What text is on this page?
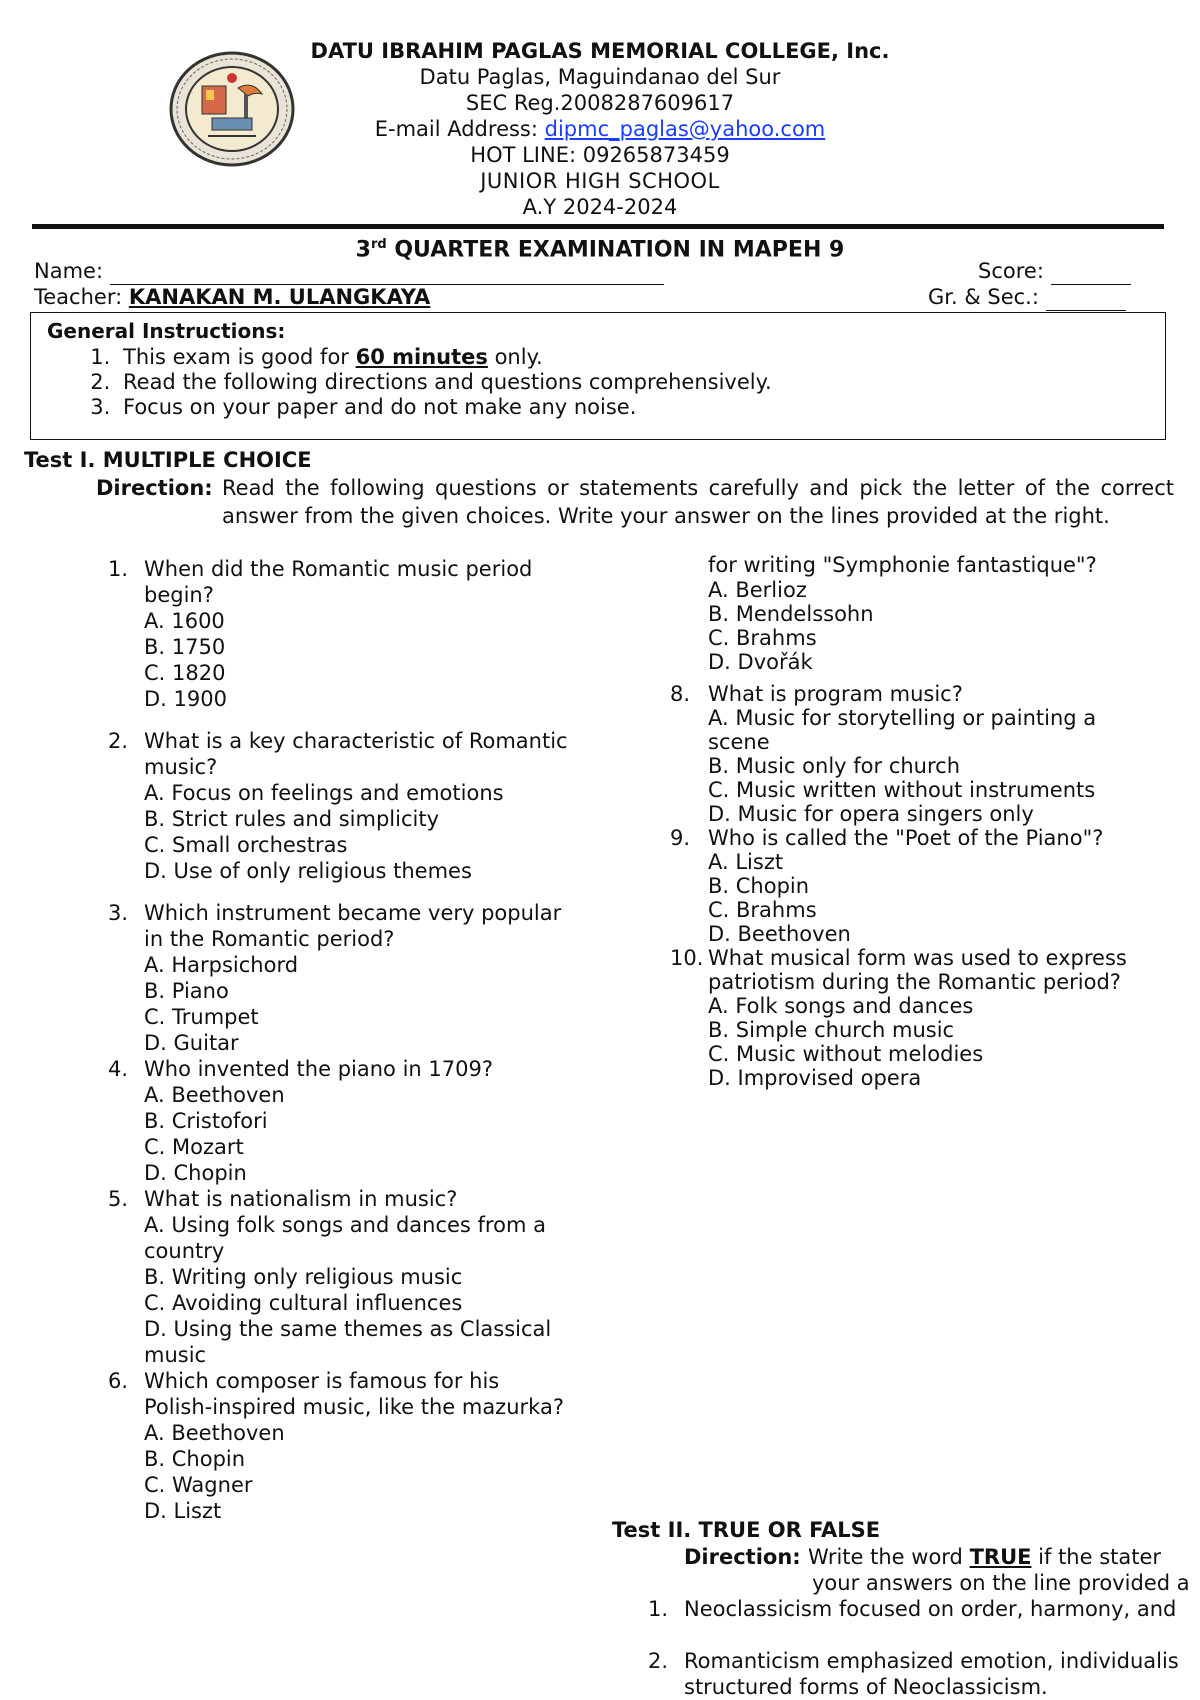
DATU IBRAHIM PAGLAS MEMORIAL COLLEGE, Inc.
Datu Paglas, Maguindanao del Sur
SEC Reg.2008287609617
E-mail Address: dipmc_paglas@yahoo.com
HOT LINE: 09265873459
JUNIOR HIGH SCHOOL
A.Y 2024-2024
3rd QUARTER EXAMINATION IN MAPEH 9
Name:	Score:
Teacher: KANAKAN M. ULANGKAYA	Gr. & Sec.:
General Instructions:
1. This exam is good for 60 minutes only.
2. Read the following directions and questions comprehensively.
3. Focus on your paper and do not make any noise.
Test I. MULTIPLE CHOICE
Direction: Read the following questions or statements carefully and pick the letter of the correct answer from the given choices. Write your answer on the lines provided at the right.
1. When did the Romantic music period begin?
A. 1600
B. 1750
C. 1820
D. 1900
2. What is a key characteristic of Romantic music?
A. Focus on feelings and emotions
B. Strict rules and simplicity
C. Small orchestras
D. Use of only religious themes
3. Which instrument became very popular in the Romantic period?
A. Harpsichord
B. Piano
C. Trumpet
D. Guitar
4. Who invented the piano in 1709?
A. Beethoven
B. Cristofori
C. Mozart
D. Chopin
5. What is nationalism in music?
A. Using folk songs and dances from a country
B. Writing only religious music
C. Avoiding cultural influences
D. Using the same themes as Classical music
6. Which composer is famous for his Polish-inspired music, like the mazurka?
A. Beethoven
B. Chopin
C. Wagner
D. Liszt
for writing "Symphonie fantastique"?
A. Berlioz
B. Mendelssohn
C. Brahms
D. Dvořák
8. What is program music?
A. Music for storytelling or painting a scene
B. Music only for church
C. Music written without instruments
D. Music for opera singers only
9. Who is called the "Poet of the Piano"?
A. Liszt
B. Chopin
C. Brahms
D. Beethoven
10. What musical form was used to express patriotism during the Romantic period?
A. Folk songs and dances
B. Simple church music
C. Music without melodies
D. Improvised opera
Test II. TRUE OR FALSE
Direction: Write the word TRUE if the stater
your answers on the line provided a
1. Neoclassicism focused on order, harmony, and
2. Romanticism emphasized emotion, individualis
structured forms of Neoclassicism.
